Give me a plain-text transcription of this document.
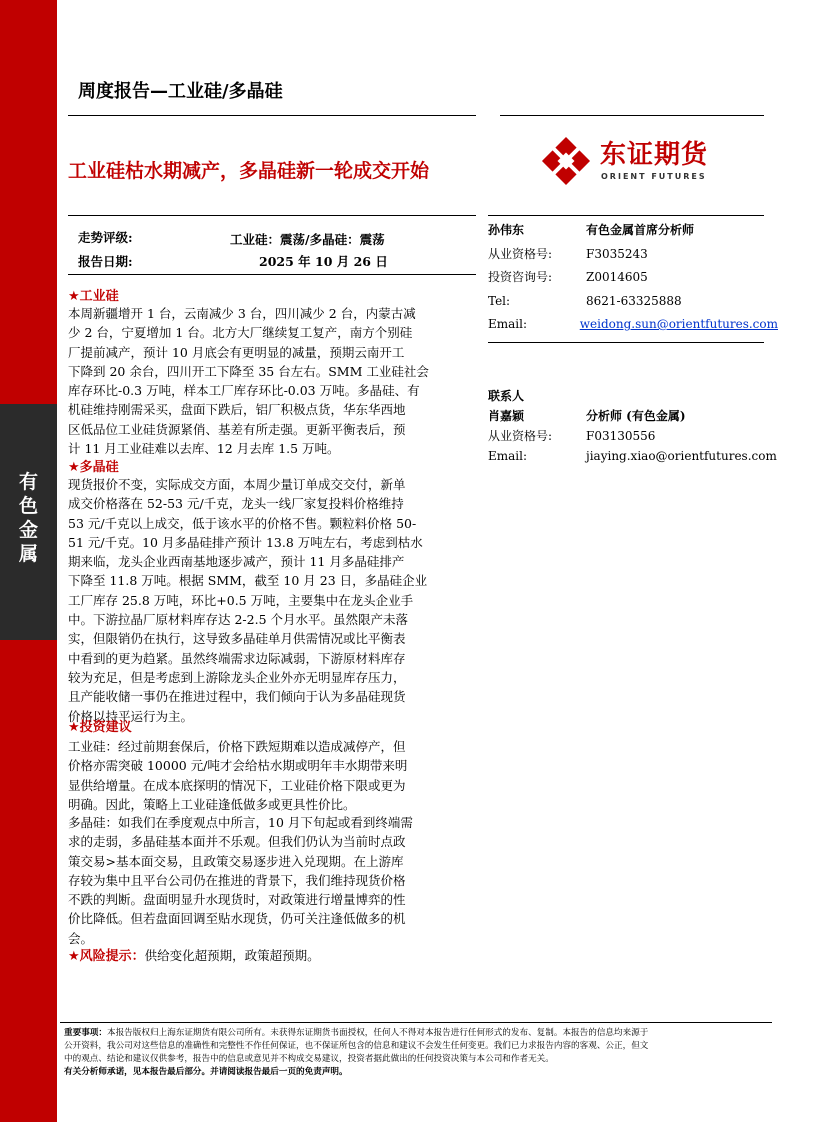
有
色
金
属
周度报告—工业硅/多晶硅
工业硅枯水期减产，多晶硅新一轮成交开始
东证期货
ORIENT FUTURES
走势评级:	工业硅：震荡/多晶硅：震荡
报告日期:	2025 年 10 月 26 日
孙伟东	有色金属首席分析师
从业资格号:	F3035243
投资咨询号:	Z0014605
Tel:	8621-63325888
Email:	weidong.sun@orientfutures.com
联系人
肖嘉颖	分析师 (有色金属)
从业资格号:	F03130556
Email:	jiaying.xiao@orientfutures.com
★工业硅
本周新疆增开 1 台，云南减少 3 台，四川减少 2 台，内蒙古减
少 2 台，宁夏增加 1 台。北方大厂继续复工复产，南方个别硅
厂提前减产，预计 10 月底会有更明显的减量，预期云南开工
下降到 20 余台，四川开工下降至 35 台左右。SMM 工业硅社会
库存环比-0.3 万吨，样本工厂库存环比-0.03 万吨。多晶硅、有
机硅维持刚需采买，盘面下跌后，铝厂积极点货，华东华西地
区低品位工业硅货源紧俏、基差有所走强。更新平衡表后，预
计 11 月工业硅难以去库、12 月去库 1.5 万吨。
★多晶硅
现货报价不变，实际成交方面，本周少量订单成交交付，新单
成交价格落在 52-53 元/千克，龙头一线厂家复投料价格维持
53 元/千克以上成交，低于该水平的价格不售。颗粒料价格 50-
51 元/千克。10 月多晶硅排产预计 13.8 万吨左右，考虑到枯水
期来临，龙头企业西南基地逐步减产，预计 11 月多晶硅排产
下降至 11.8 万吨。根据 SMM，截至 10 月 23 日，多晶硅企业
工厂库存 25.8 万吨，环比+0.5 万吨，主要集中在龙头企业手
中。下游拉晶厂原材料库存达 2-2.5 个月水平。虽然限产未落
实，但限销仍在执行，这导致多晶硅单月供需情况或比平衡表
中看到的更为趋紧。虽然终端需求边际减弱，下游原材料库存
较为充足，但是考虑到上游除龙头企业外亦无明显库存压力，
且产能收储一事仍在推进过程中，我们倾向于认为多晶硅现货
价格以持平运行为主。
★投资建议
工业硅：经过前期套保后，价格下跌短期难以造成减停产，但
价格亦需突破 10000 元/吨才会给枯水期或明年丰水期带来明
显供给增量。在成本底探明的情况下，工业硅价格下限或更为
明确。因此，策略上工业硅逢低做多或更具性价比。
多晶硅：如我们在季度观点中所言，10 月下旬起或看到终端需
求的走弱，多晶硅基本面并不乐观。但我们仍认为当前时点政
策交易>基本面交易，且政策交易逐步进入兑现期。在上游库
存较为集中且平台公司仍在推进的背景下，我们维持现货价格
不跌的判断。盘面明显升水现货时，对政策进行增量博弈的性
价比降低。但若盘面回调至贴水现货，仍可关注逢低做多的机
会。
★风险提示：供给变化超预期，政策超预期。
重要事项：本报告版权归上海东证期货有限公司所有。未获得东证期货书面授权，任何人不得对本报告进行任何形式的发布、复制。本报告的信息均来源于
公开资料，我公司对这些信息的准确性和完整性不作任何保证，也不保证所包含的信息和建议不会发生任何变更。我们已力求报告内容的客观、公正，但文
中的观点、结论和建议仅供参考，报告中的信息或意见并不构成交易建议，投资者据此做出的任何投资决策与本公司和作者无关。
有关分析师承诺，见本报告最后部分。并请阅读报告最后一页的免责声明。
